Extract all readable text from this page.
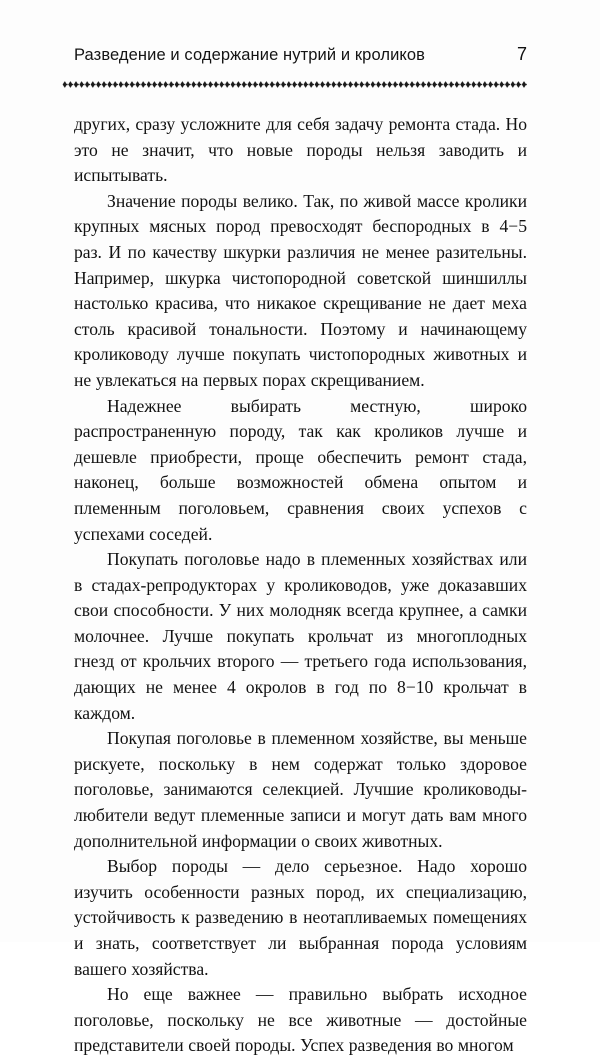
Разведение и содержание нутрий и кроликов	7

других, сразу усложните для себя задачу ремонта стада. Но это не значит, что новые породы нельзя заводить и испытывать.

Значение породы велико. Так, по живой массе кролики крупных мясных пород превосходят беспородных в 4−5 раз. И по качеству шкурки различия не менее разительны. Например, шкурка чистопородной советской шиншиллы настолько красива, что никакое скрещивание не дает меха столь красивой тональности. Поэтому и начинающему кролиководу лучше покупать чистопородных животных и не увлекаться на первых порах скрещиванием.

Надежнее выбирать местную, широко распространенную породу, так как кроликов лучше и дешевле приобрести, проще обеспечить ремонт стада, наконец, больше возможностей обмена опытом и племенным поголовьем, сравнения своих успехов с успехами соседей.

Покупать поголовье надо в племенных хозяйствах или в стадах-репродукторах у кролиководов, уже доказавших свои способности. У них молодняк всегда крупнее, а самки молочнее. Лучше покупать крольчат из многоплодных гнезд от крольчих второго — третьего года использования, дающих не менее 4 окролов в год по 8−10 крольчат в каждом.

Покупая поголовье в племенном хозяйстве, вы меньше рискуете, поскольку в нем содержат только здоровое поголовье, занимаются селекцией. Лучшие кролиководы-любители ведут племенные записи и могут дать вам много дополнительной информации о своих животных.

Выбор породы — дело серьезное. Надо хорошо изучить особенности разных пород, их специализацию, устойчивость к разведению в неотапливаемых помещениях и знать, соответствует ли выбранная порода условиям вашего хозяйства.

Но еще важнее — правильно выбрать исходное поголовье, поскольку не все животные — достойные представители своей породы. Успех разведения во многом
